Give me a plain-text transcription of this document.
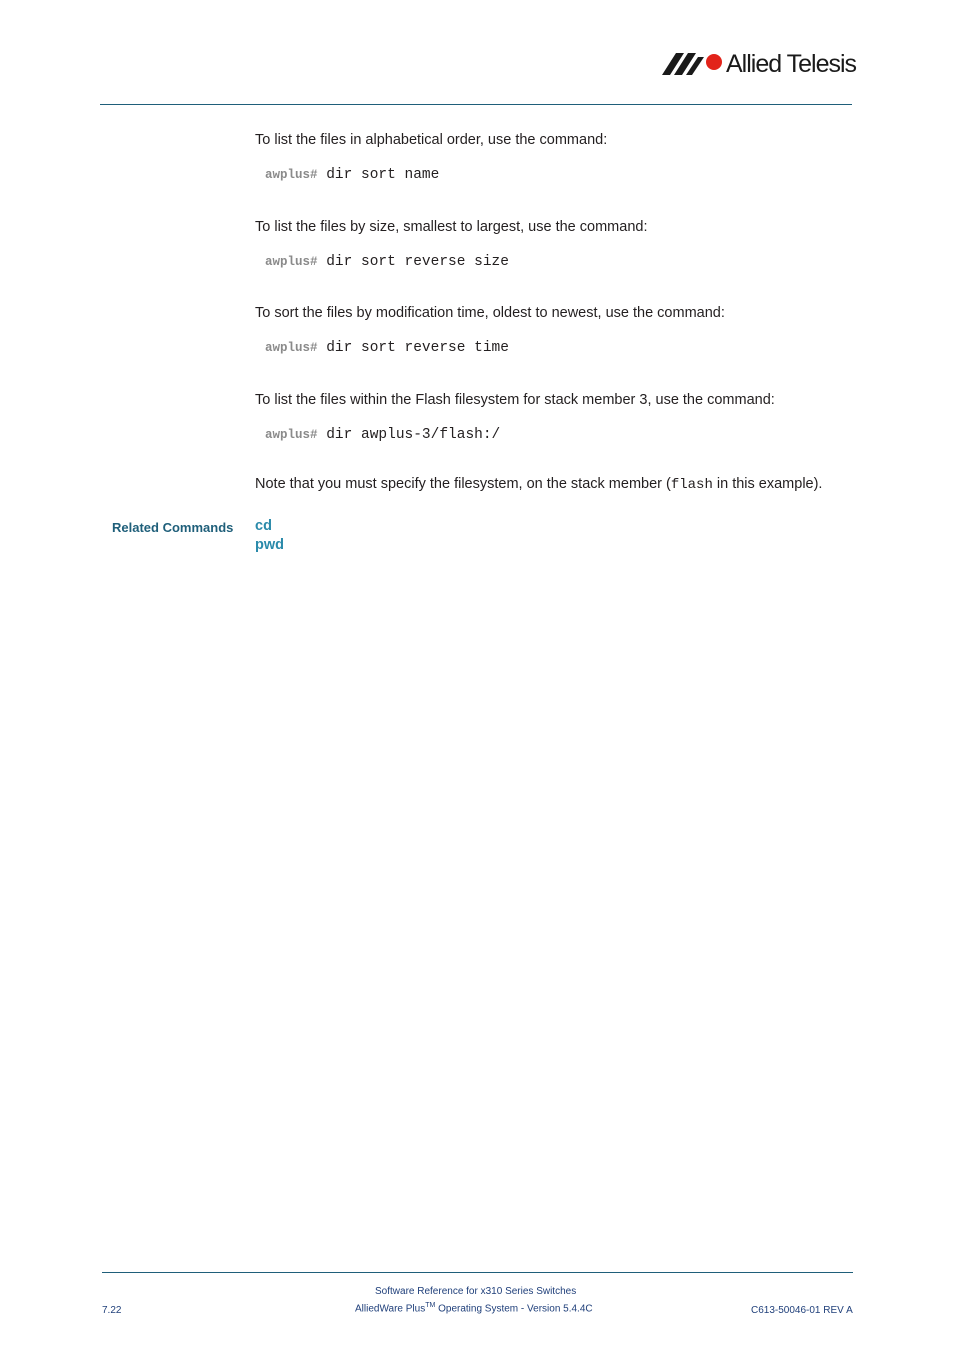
Allied Telesis
To list the files in alphabetical order, use the command:
awplus# dir sort name
To list the files by size, smallest to largest, use the command:
awplus# dir sort reverse size
To sort the files by modification time, oldest to newest, use the command:
awplus# dir sort reverse time
To list the files within the Flash filesystem for stack member 3, use the command:
awplus# dir awplus-3/flash:/
Note that you must specify the filesystem, on the stack member (flash in this example).
Related Commands cd
pwd
Software Reference for x310 Series Switches
AlliedWare Plus™ Operating System - Version 5.4.4C
7.22	C613-50046-01 REV A
